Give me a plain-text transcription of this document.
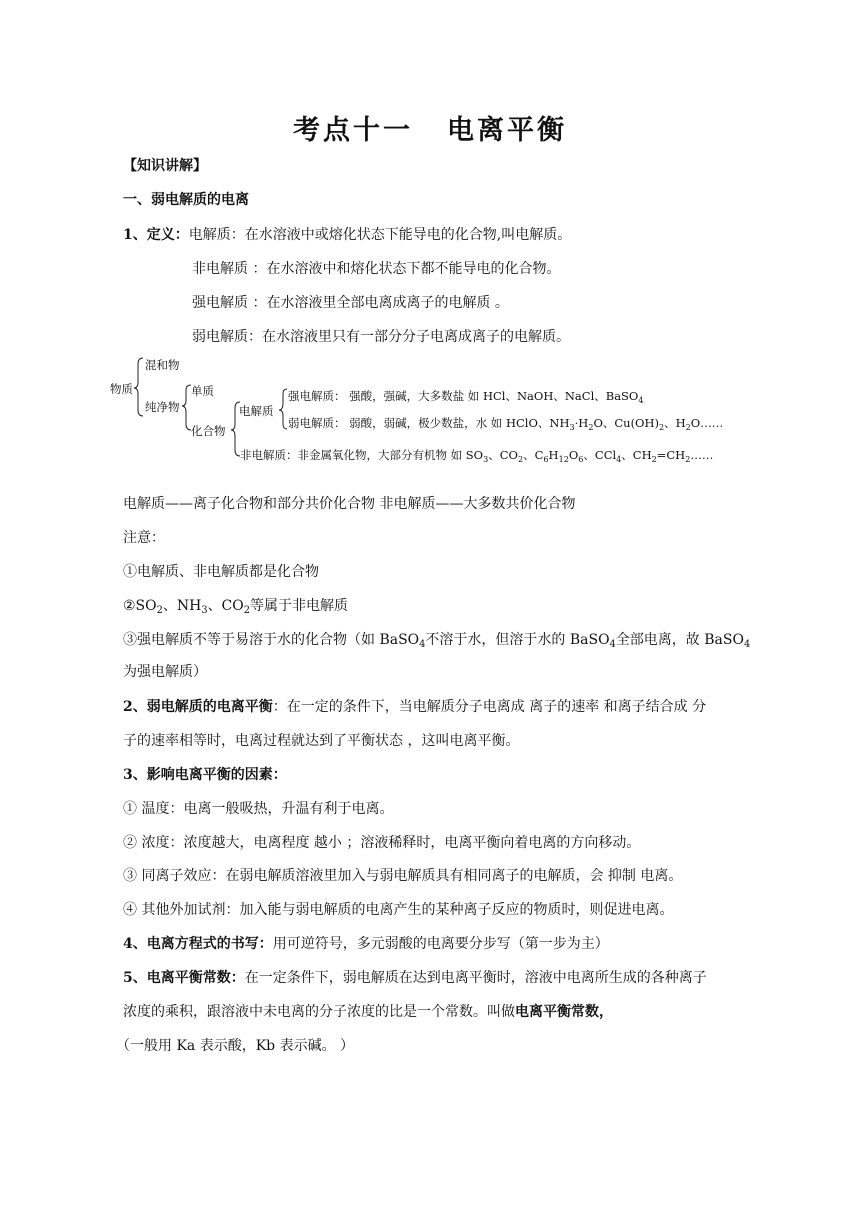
考点十一 电离平衡
【知识讲解】
一、弱电解质的电离
1、定义：电解质：在水溶液中或熔化状态下能导电的化合物,叫电解质。
非电解质 ：在水溶液中和熔化状态下都不能导电的化合物。
强电解质 ：在水溶液里全部电离成离子的电解质 。
弱电解质：在水溶液里只有一部分分子电离成离子的电解质。
混和物
物质	单质
纯净物	电解质
化合物
强电解质： 强酸，强碱，大多数盐 如 HCl、NaOH、NaCl、BaSO$_4$
弱电解质： 弱酸，弱碱，极少数盐，水 如 HClO、$NH_3\cdot H_2O$、$Cu(OH)_2$、$H_2O\dots\dots$
非电解质：非金属氧化物，大部分有机物 如 $SO_3$、$CO_2$、$C_6H_{12}O_6$、CCl$_4$、$CH_2=CH_2\dots\dots$
电解质——离子化合物和部分共价化合物 非电解质——大多数共价化合物
注意：
①电解质、非电解质都是化合物
$②SO_2$、$NH_3$、$CO_2$等属于非电解质
③强电解质不等于易溶于水的化合物（如 BaSO$_4$不溶于水，但溶于水的 BaSO$_4$全部电离，故 BaSO$_4$
为强电解质）
2、弱电解质的电离平衡：在一定的条件下，当电解质分子电离成 离子的速率 和离子结合成 分
子的速率相等时，电离过程就达到了平衡状态 ，这叫电离平衡。
3、影响电离平衡的因素：
① 温度：电离一般吸热，升温有利于电离。
② 浓度：浓度越大，电离程度 越小 ；溶液稀释时，电离平衡向着电离的方向移动。
③ 同离子效应：在弱电解质溶液里加入与弱电解质具有相同离子的电解质，会 抑制 电离。
④ 其他外加试剂：加入能与弱电解质的电离产生的某种离子反应的物质时，则促进电离。
4、电离方程式的书写：用可逆符号，多元弱酸的电离要分步写（第一步为主）
5、电离平衡常数：在一定条件下，弱电解质在达到电离平衡时，溶液中电离所生成的各种离子
浓度的乘积，跟溶液中未电离的分子浓度的比是一个常数。叫做电离平衡常数，
（一般用 Ka 表示酸，Kb 表示碱。 ）
